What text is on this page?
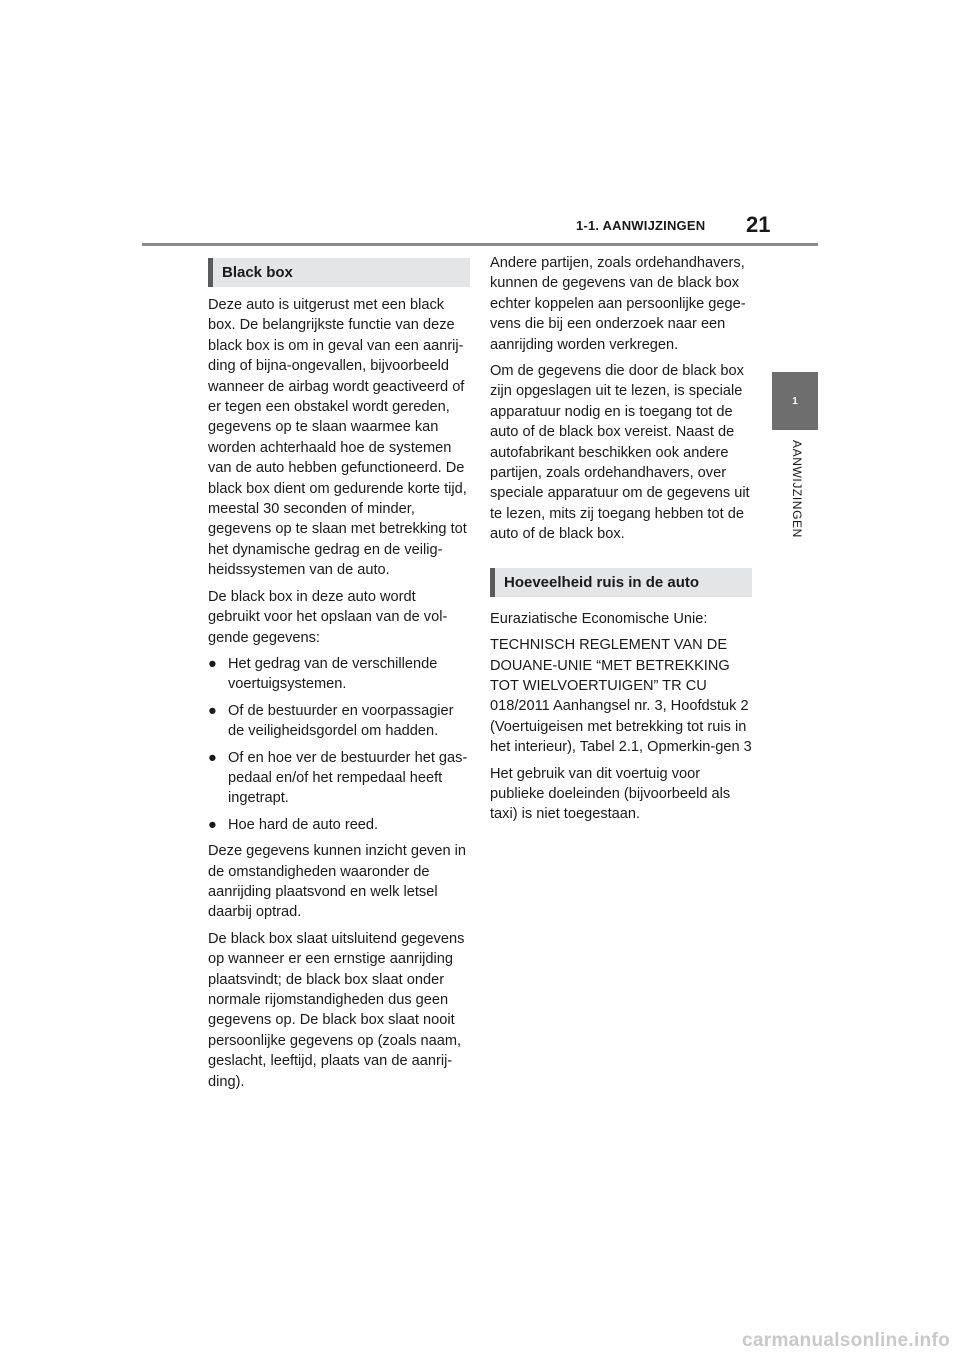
1-1. AANWIJZINGEN 21
1
AANWIJZINGEN
Black box

Deze auto is uitgerust met een black box. De belangrijkste functie van deze black box is om in geval van een aanrij-ding of bijna-ongevallen, bijvoorbeeld wanneer de airbag wordt geactiveerd of er tegen een obstakel wordt gereden, gegevens op te slaan waarmee kan worden achterhaald hoe de systemen van de auto hebben gefunctioneerd. De black box dient om gedurende korte tijd, meestal 30 seconden of minder, gegevens op te slaan met betrekking tot het dynamische gedrag en de veilig-heidssystemen van de auto.

De black box in deze auto wordt gebruikt voor het opslaan van de vol-gende gegevens:

● Het gedrag van de verschillende voertuigsystemen.
● Of de bestuurder en voorpassagier de veiligheidsgordel om hadden.
● Of en hoe ver de bestuurder het gas-pedaal en/of het rempedaal heeft ingetrapt.
● Hoe hard de auto reed.

Deze gegevens kunnen inzicht geven in de omstandigheden waaronder de aanrijding plaatsvond en welk letsel daarbij optrad.

De black box slaat uitsluitend gegevens op wanneer er een ernstige aanrijding plaatsvindt; de black box slaat onder normale rijomstandigheden dus geen gegevens op. De black box slaat nooit persoonlijke gegevens op (zoals naam, geslacht, leeftijd, plaats van de aanrij-ding).

Andere partijen, zoals ordehandhavers, kunnen de gegevens van de black box echter koppelen aan persoonlijke gege-vens die bij een onderzoek naar een aanrijding worden verkregen.

Om de gegevens die door de black box zijn opgeslagen uit te lezen, is speciale apparatuur nodig en is toegang tot de auto of de black box vereist. Naast de autofabrikant beschikken ook andere partijen, zoals ordehandhavers, over speciale apparatuur om de gegevens uit te lezen, mits zij toegang hebben tot de auto of de black box.

Hoeveelheid ruis in de auto

Euraziatische Economische Unie:

TECHNISCH REGLEMENT VAN DE DOUANE-UNIE “MET BETREKKING TOT WIELVOERTUIGEN” TR CU 018/2011 Aanhangsel nr. 3, Hoofdstuk 2 (Voertuigeisen met betrekking tot ruis in het interieur), Tabel 2.1, Opmerkin-gen 3

Het gebruik van dit voertuig voor publieke doeleinden (bijvoorbeeld als taxi) is niet toegestaan.

carmanualsonline.info
